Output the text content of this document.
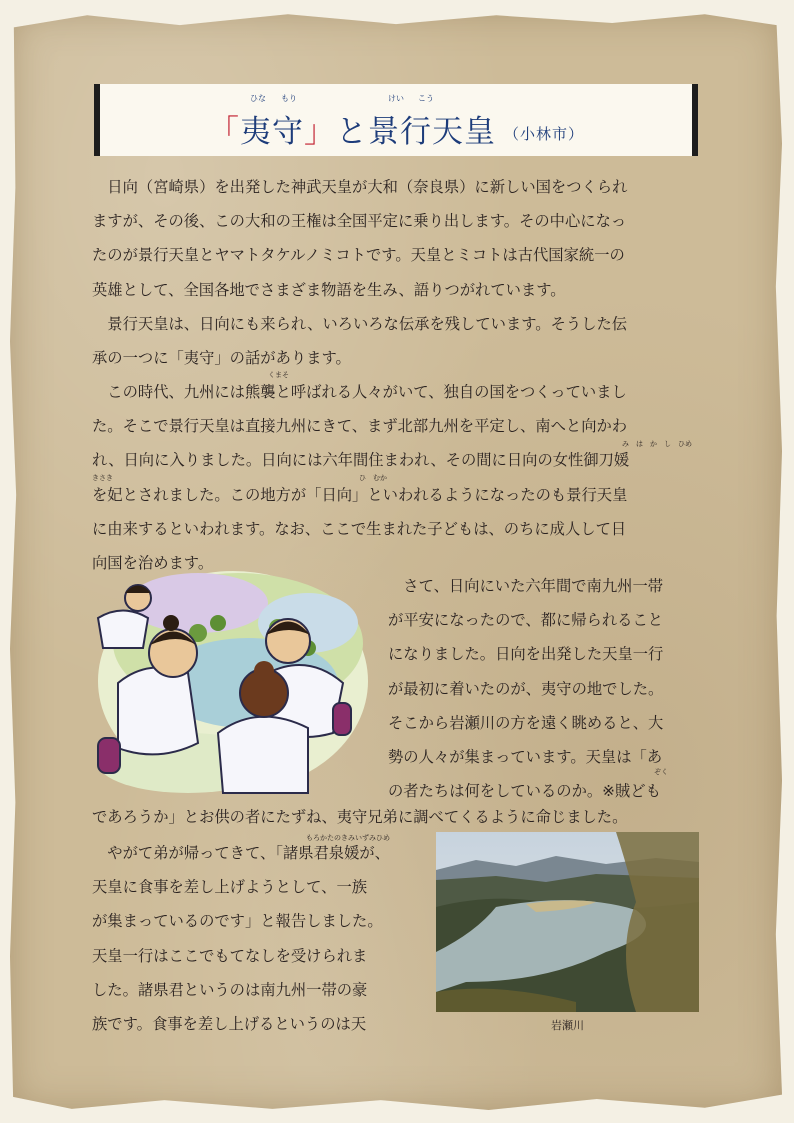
ひな もり	けい こう
「夷守」と景行天皇 （小林市）

　日向（宮崎県）を出発した神武天皇が大和（奈良県）に新しい国をつくられ
ますが、その後、この大和の王権は全国平定に乗り出します。その中心になっ
たのが景行天皇とヤマトタケルノミコトです。天皇とミコトは古代国家統一の
英雄として、全国各地でさまざま物語を生み、語りつがれています。

　景行天皇は、日向にも来られ、いろいろな伝承を残しています。そうした伝
承の一つに「夷守」の話があります。

　この時代、九州には熊襲と呼ばれる人々がいて、独自の国をつくっていまし
た。そこで景行天皇は直接九州にきて、まず北部九州を平定し、南へと向かわ
れ、日向に入りました。日向には六年間住まわれ、その間に日向の女性御刀媛
を妃とされました。この地方が「日向」といわれるようになったのも景行天皇
に由来するといわれます。なお、ここで生まれた子どもは、のちに成人して日
向国を治めます。

　さて、日向にいた六年間で南九州一帯
が平安になったので、都に帰られること
になりました。日向を出発した天皇一行
が最初に着いたのが、夷守の地でした。
そこから岩瀬川の方を遠く眺めると、大
勢の人々が集まっています。天皇は「あ
の者たちは何をしているのか。※賊ども

であろうか」とお供の者にたずね、夷守兄弟に調べてくるように命じました。

　やがて弟が帰ってきて、「諸県君泉媛が、
天皇に食事を差し上げようとして、一族
が集まっているのです」と報告しました。
天皇一行はここでもてなしを受けられま
した。諸県君というのは南九州一帯の豪
族です。食事を差し上げるというのは天

くまそ
み　は　か　し　ひめ
きさき	ひ　むか
ぞく
もろかたのきみいずみひめ
岩瀬川
